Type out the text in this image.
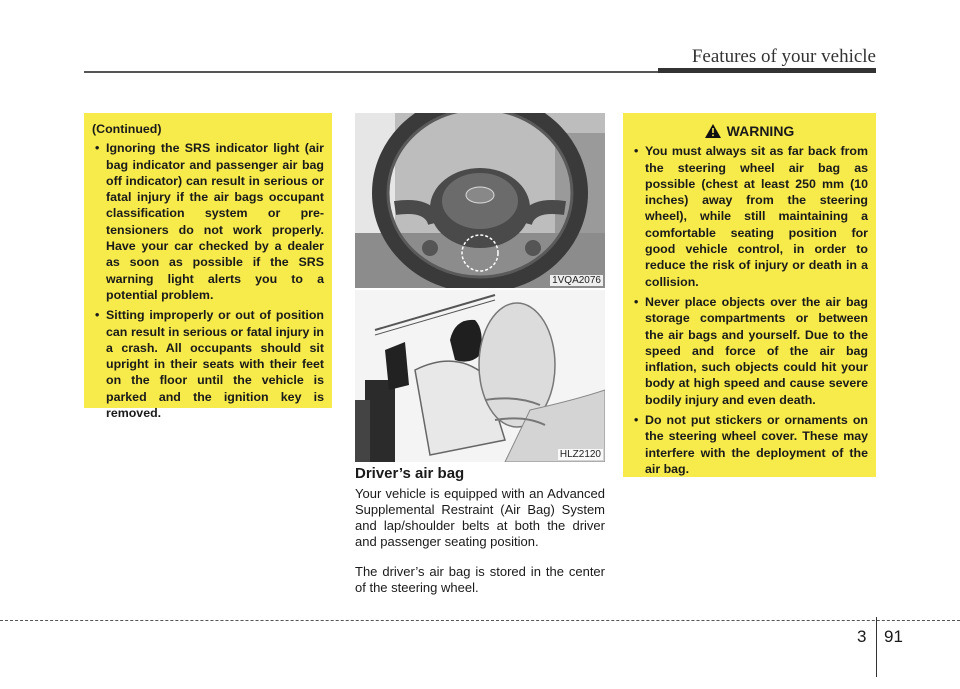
Features of your vehicle
(Continued)
• Ignoring the SRS indicator light (air bag indicator and passenger air bag off indicator) can result in serious or fatal injury if the air bags occupant classification system or pre-tensioners do not work properly. Have your car checked by a dealer as soon as possible if the SRS warning light alerts you to a potential problem.
• Sitting improperly or out of position can result in serious or fatal injury in a crash. All occupants should sit upright in their seats with their feet on the floor until the vehicle is parked and the ignition key is removed.
1VQA2076
HLZ2120
Driver’s air bag
Your vehicle is equipped with an Advanced Supplemental Restraint (Air Bag) System and lap/shoulder belts at both the driver and passenger seating position.
The driver’s air bag is stored in the center of the steering wheel.
WARNING
• You must always sit as far back from the steering wheel air bag as possible (chest at least 250 mm (10 inches) away from the steering wheel), while still maintaining a comfortable seating position for good vehicle control, in order to reduce the risk of injury or death in a collision.
• Never place objects over the air bag storage compartments or between the air bags and yourself. Due to the speed and force of the air bag inflation, such objects could hit your body at high speed and cause severe bodily injury and even death.
• Do not put stickers or ornaments on the steering wheel cover. These may interfere with the deployment of the air bag.
3 91
